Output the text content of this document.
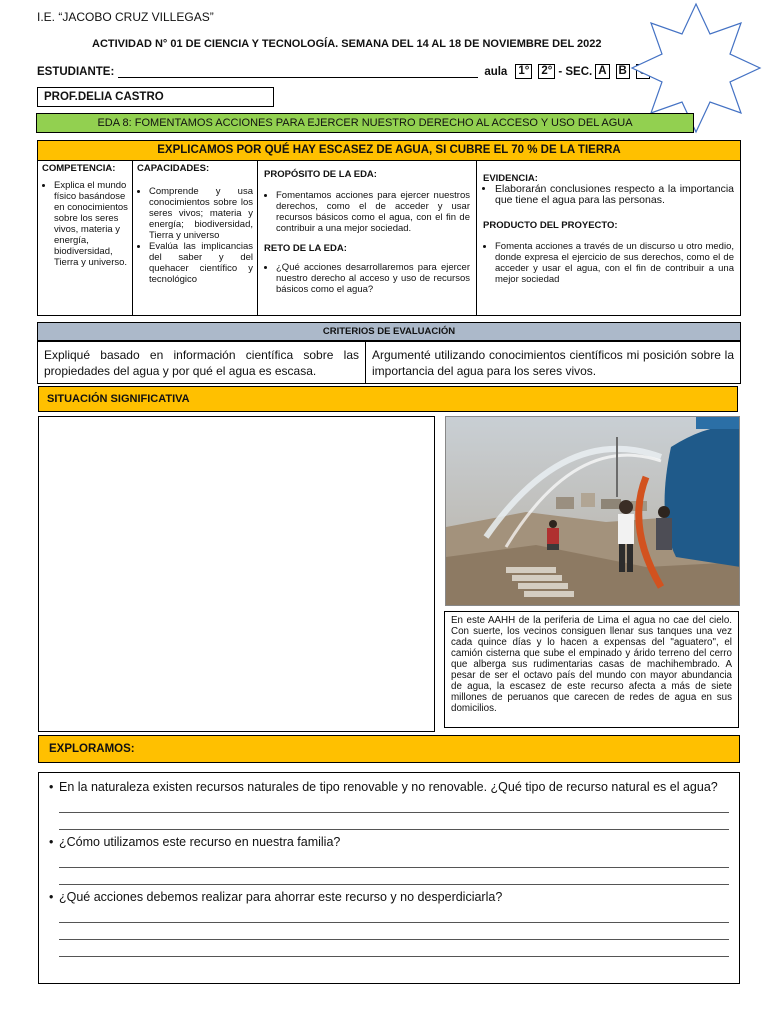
I.E. “JACOBO CRUZ VILLEGAS”
ACTIVIDAD N° 01 DE CIENCIA Y TECNOLOGÍA. SEMANA DEL 14 AL 18 DE NOVIEMBRE DEL 2022
ESTUDIANTE:	aula 1° 2° - SEC. A B
PROF.DELIA CASTRO
EDA 8: FOMENTAMOS ACCIONES PARA EJERCER NUESTRO DERECHO AL ACCESO Y USO DEL AGUA
EXPLICAMOS POR QUÉ HAY ESCASEZ DE AGUA, SI CUBRE EL 70 % DE LA TIERRA
COMPETENCIA:
• Explica el mundo físico basándose en conocimientos sobre los seres vivos, materia y energía, biodiversidad, Tierra y universo.
CAPACIDADES:
• Comprende y usa conocimientos sobre los seres vivos; materia y energía; biodiversidad, Tierra y universo
• Evalúa las implicancias del saber y del quehacer científico y tecnológico
PROPÓSITO DE LA EDA:
• Fomentamos acciones para ejercer nuestros derechos, como el de acceder y usar recursos básicos como el agua, con el fin de contribuir a una mejor sociedad.
RETO DE LA EDA:
• ¿Qué acciones desarrollaremos para ejercer nuestro derecho al acceso y uso de recursos básicos como el agua?
EVIDENCIA:
• Elaborarán conclusiones respecto a la importancia que tiene el agua para las personas.
PRODUCTO DEL PROYECTO:
• Fomenta acciones a través de un discurso u otro medio, donde expresa el ejercicio de sus derechos, como el de acceder y usar el agua, con el fin de contribuir a una mejor sociedad
CRITERIOS DE EVALUACIÓN
Expliqué basado en información científica sobre las propiedades del agua y por qué el agua es escasa.
Argumenté utilizando conocimientos científicos mi posición sobre la importancia del agua para los seres vivos.
SITUACIÓN SIGNIFICATIVA
En este AAHH de la periferia de Lima el agua no cae del cielo. Con suerte, los vecinos consiguen llenar sus tanques una vez cada quince días y lo hacen a expensas del "aguatero", el camión cisterna que sube el empinado y árido terreno del cerro que alberga sus rudimentarias casas de machihembrado. A pesar de ser el octavo país del mundo con mayor abundancia de agua, la escasez de este recurso afecta a más de siete millones de peruanos que carecen de redes de agua en sus domicilios.
EXPLORAMOS:
• En la naturaleza existen recursos naturales de tipo renovable y no renovable. ¿Qué tipo de recurso natural es el agua?
• ¿Cómo utilizamos este recurso en nuestra familia?
• ¿Qué acciones debemos realizar para ahorrar este recurso y no desperdiciarla?
